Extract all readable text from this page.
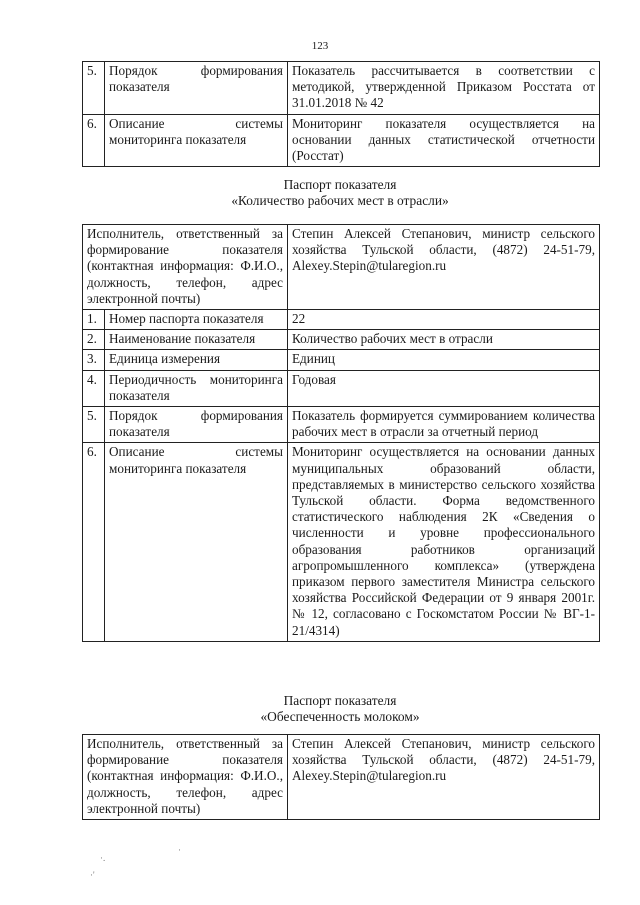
123
5.	Порядок формирования показателя	Показатель рассчитывается в соответствии с методикой, утвержденной Приказом Росстата от 31.01.2018 № 42
6.	Описание системы мониторинга показателя	Мониторинг показателя осуществляется на основании данных статистической отчетности (Росстат)
Паспорт показателя
«Количество рабочих мест в отрасли»
Исполнитель, ответственный за формирование показателя (контактная информация: Ф.И.О., должность, телефон, адрес электронной почты)		Степин Алексей Степанович, министр сельского хозяйства Тульской области, (4872) 24-51-79, Alexey.Stepin@tularegion.ru
1.	Номер паспорта показателя	22
2.	Наименование показателя	Количество рабочих мест в отрасли
3.	Единица измерения	Единиц
4.	Периодичность мониторинга показателя	Годовая
5.	Порядок формирования показателя	Показатель формируется суммированием количества рабочих мест в отрасли за отчетный период
6.	Описание системы мониторинга показателя	Мониторинг осуществляется на основании данных муниципальных образований области, представляемых в министерство сельского хозяйства Тульской области. Форма ведомственного статистического наблюдения 2К «Сведения о численности и уровне профессионального образования работников организаций агропромышленного комплекса» (утверждена приказом первого заместителя Министра сельского хозяйства Российской Федерации от 9 января 2001г. № 12, согласовано с Госкомстатом России № ВГ-1-21/4314)
Паспорт показателя
«Обеспеченность молоком»
Исполнитель, ответственный за формирование показателя (контактная информация: Ф.И.О., должность, телефон, адрес электронной почты)	Степин Алексей Степанович, министр сельского хозяйства Тульской области, (4872) 24-51-79, Alexey.Stepin@tularegion.ru
·.
·'
·
